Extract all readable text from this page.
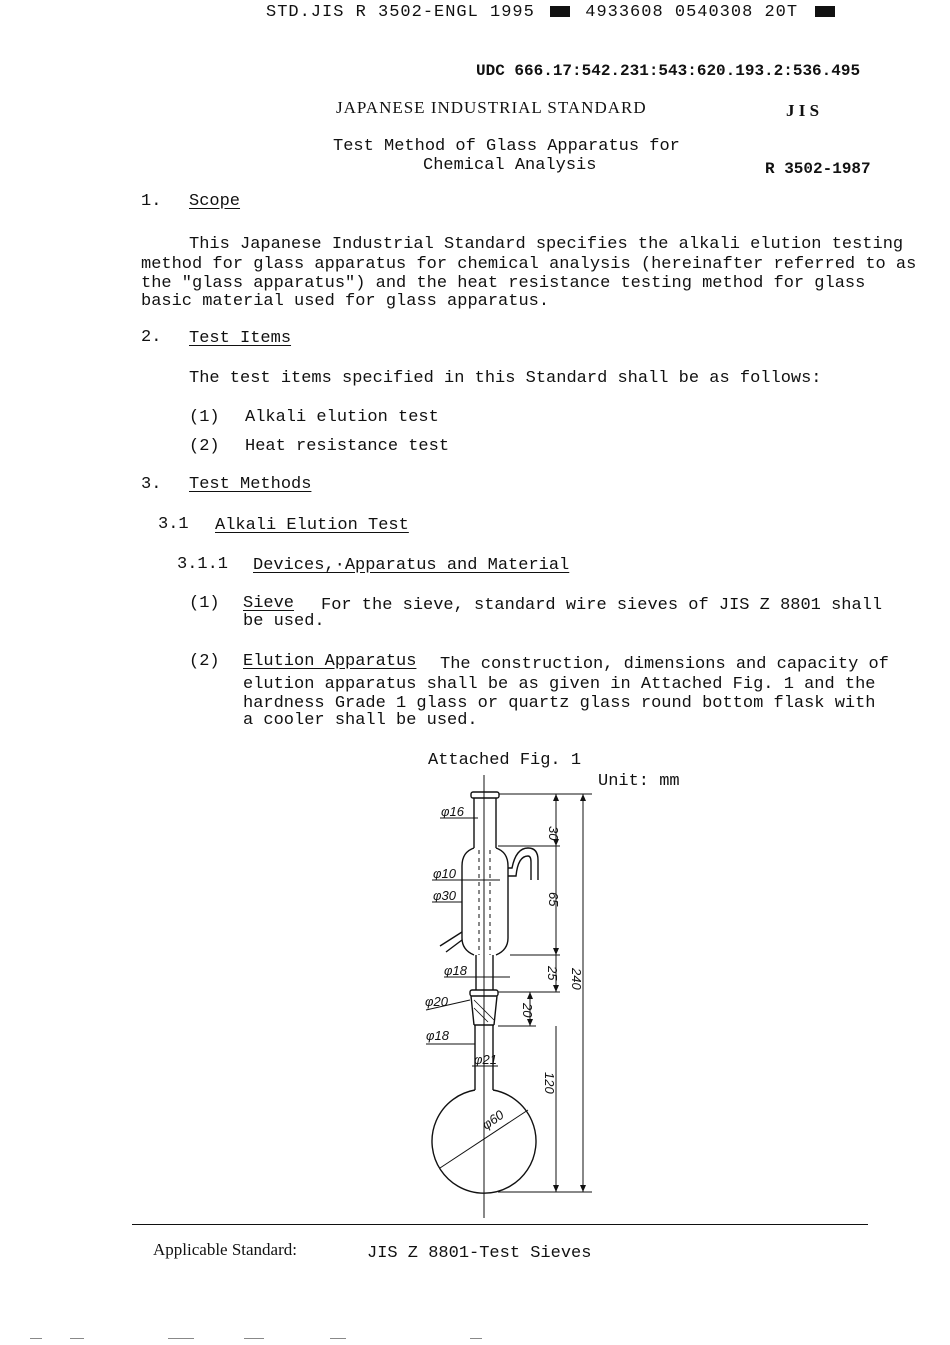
STD.JIS R 3502-ENGL 1995	4933608 0540308 20T
UDC 666.17:542.231:543:620.193.2:536.495
JAPANESE INDUSTRIAL STANDARD	J I S
Test Method of Glass Apparatus for
Chemical Analysis	R 3502-1987
1. Scope
This Japanese Industrial Standard specifies the alkali elution testing
method for glass apparatus for chemical analysis (hereinafter referred to as
the "glass apparatus") and the heat resistance testing method for glass
basic material used for glass apparatus.
2. Test Items
The test items specified in this Standard shall be as follows:
(1) Alkali elution test
(2) Heat resistance test
3. Test Methods
3.1 Alkali Elution Test
3.1.1 Devices,·Apparatus and Material
(1) Sieve For the sieve, standard wire sieves of JIS Z 8801 shall
be used.
(2) Elution Apparatus The construction, dimensions and capacity of
elution apparatus shall be as given in Attached Fig. 1 and the
hardness Grade 1 glass or quartz glass round bottom flask with
a cooler shall be used.
Attached Fig. 1
Unit: mm
φ16
φ10
φ30
φ18
φ20
φ18
φ21
φ60
30
65
25
20
120
240
Applicable Standard:	JIS Z 8801-Test Sieves
